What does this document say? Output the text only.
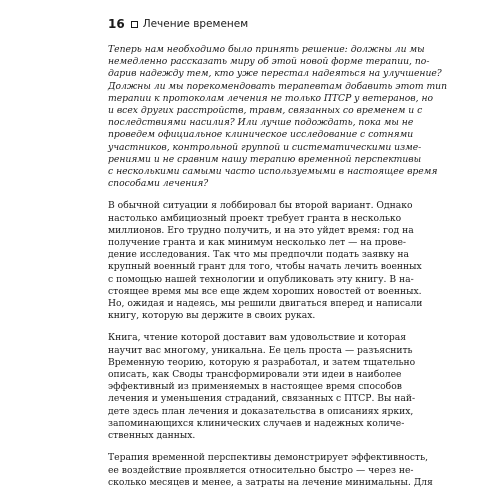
16 Лечение временем
Теперь нам необходимо было принять решение: должны ли мы
немедленно рассказать миру об этой новой форме терапии, по-
дарив надежду тем, кто уже перестал надеяться на улучшение?
Должны ли мы порекомендовать терапевтам добавить этот тип
терапии к протоколам лечения не только ПТСР у ветеранов, но
и всех других расстройств, травм, связанных со временем и с
последствиями насилия? Или лучше подождать, пока мы не
проведем официальное клиническое исследование с сотнями
участников, контрольной группой и систематическими изме-
рениями и не сравним нашу терапию временной перспективы
с несколькими самыми часто используемыми в настоящее время
способами лечения?
В обычной ситуации я лоббировал бы второй вариант. Однако
настолько амбициозный проект требует гранта в несколько
миллионов. Его трудно получить, и на это уйдет время: год на
получение гранта и как минимум несколько лет — на прове-
дение исследования. Так что мы предпочли подать заявку на
крупный военный грант для того, чтобы начать лечить военных
с помощью нашей технологии и опубликовать эту книгу. В на-
стоящее время мы все еще ждем хороших новостей от военных.
Но, ожидая и надеясь, мы решили двигаться вперед и написали
книгу, которую вы держите в своих руках.
Книга, чтение которой доставит вам удовольствие и которая
научит вас многому, уникальна. Ее цель проста — разъяснить
Временную теорию, которую я разработал, и затем тщательно
описать, как Своды трансформировали эти идеи в наиболее
эффективный из применяемых в настоящее время способов
лечения и уменьшения страданий, связанных с ПТСР. Вы най-
дете здесь план лечения и доказательства в описаниях ярких,
запоминающихся клинических случаев и надежных количе-
ственных данных.
Терапия временной перспективы демонстрирует эффективность,
ее воздействие проявляется относительно быстро — через не-
сколько месяцев и менее, а затраты на лечение минимальны. Для
